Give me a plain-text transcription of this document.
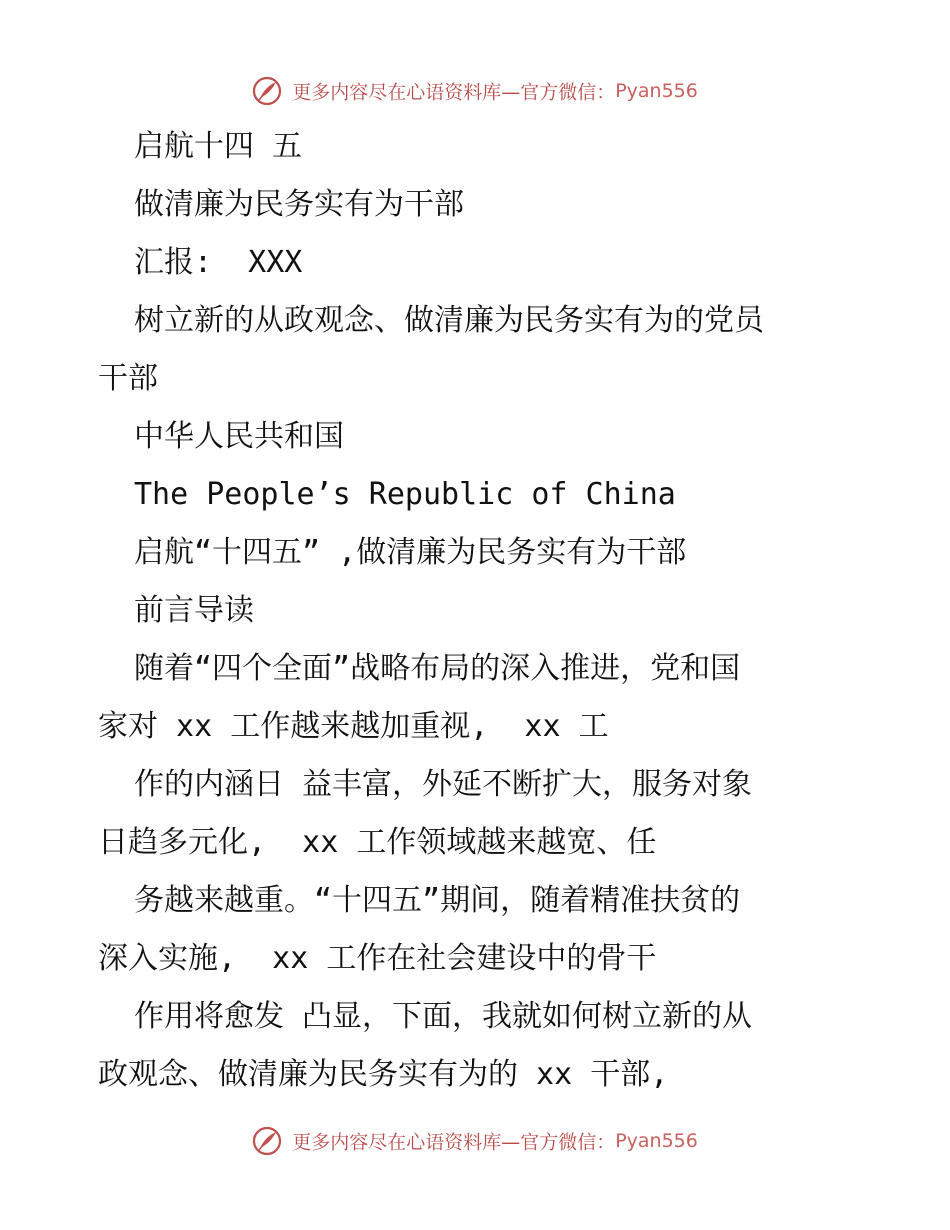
更多内容尽在心语资料库—官方微信：Pyan556

启航十四 五

做清廉为民务实有为干部

汇报:  XXX

树立新的从政观念、做清廉为民务实有为的党员

干部

中华人民共和国

The People’s Republic of China

启航“十四五” ,做清廉为民务实有为干部

前言导读

随着“四个全面”战略布局的深入推进，党和国

家对 xx 工作越来越加重视,  xx 工

作的内涵日 益丰富，外延不断扩大，服务对象

日趋多元化,  xx 工作领域越来越宽、任

务越来越重。“十四五”期间，随着精准扶贫的

深入实施,  xx 工作在社会建设中的骨干

作用将愈发 凸显，下面，我就如何树立新的从

政观念、做清廉为民务实有为的 xx 干部,

更多内容尽在心语资料库—官方微信：Pyan556
